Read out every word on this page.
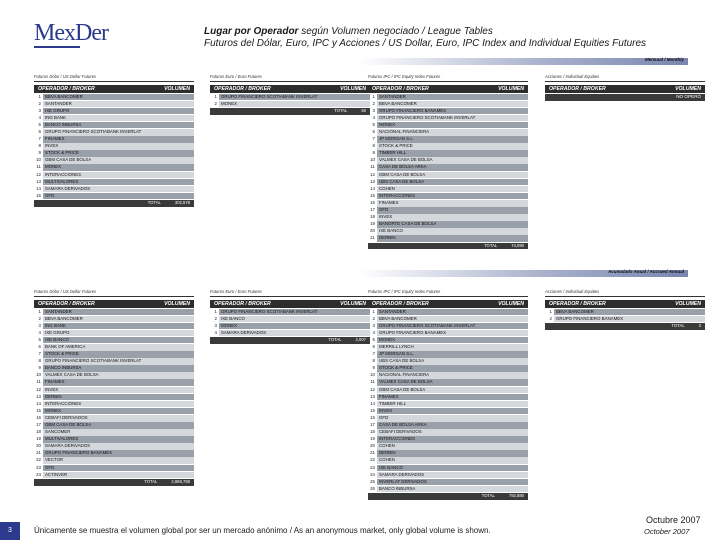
MexDer	Lugar por Operador según Volumen negociado / League Tables
Futuros del Dólar, Euro, IPC y Acciones / US Dollar, Euro, IPC Index and Individual Equities Futures
Mensual / Monthly
Futuros Dólar / US Dollar Futures
OPERADOR / BROKER	VOLUMEN
1 BBVA BANCOMER
2 SANTANDER
3 IXE GRUPO
4 ING BANK
5 BANCO INBURSA
6 GRUPO FINANCIERO SCOTIABANK INVERLAT
7 FINAMEX
8 INVEX
9 STOCK & PRICE
10 GBM CASA DE BOLSA
11 MONEX
12 INTERACCIONES
13 MULTIVALORES
14 SAMARA DERIVADOS
15 GFD
TOTAL	302,578
Futuros Euro / Euro Futures
OPERADOR / BROKER	VOLUMEN
1 GRUPO FINANCIERO SCOTIABANK INVERLAT
2 MONEX
TOTAL	50
Futuros IPC / IPC Equity Index Futures
OPERADOR / BROKER	VOLUMEN
1 SANTANDER
2 BBVA BANCOMER
3 GRUPO FINANCIERO BANAMEX
4 GRUPO FINANCIERO SCOTIABANK INVERLAT
5 MONEX
6 NACIONAL FINANCIERA
7 JP MORGAN S.L.
8 STOCK & PRICE
9 TIMBER HILL
10 VALMEX CASA DE BOLSA
11 CASA DE BOLSA ARKA
12 GBM CASA DE BOLSA
13 UBS CASA DE BOLSA
14 COHEN
15 INTERACCIONES
16 FINAMEX
17 GFD
18 INVEX
19 BANORTE CASA DE BOLSA
20 IXE BANCO
21 DERBIN
TOTAL	74,090
Acciones / Individual Equities
OPERADOR / BROKER	VOLUMEN
NO OPERÓ
Acumulado Anual / Accrued Annual
Futuros Dólar / US Dollar Futures
OPERADOR / BROKER	VOLUMEN
1 SANTANDER
2 BBVA BANCOMER
3 ING BANK
4 IXE GRUPO
5 IXE BANCO
6 BANK OF AMERICA
7 STOCK & PRICE
8 GRUPO FINANCIERO SCOTIABANK INVERLAT
9 BANCO INBURSA
10 VALMEX CASA DE BOLSA
11 FINAMEX
12 INVEX
13 DERBIN
14 INTERACCIONES
15 MONEX
16 CEBAFI DERIVADOS
17 GBM CASA DE BOLSA
18 SANCOMER
19 MULTIVALORES
20 SAMARA DERIVADOS
21 GRUPO FINANCIERO BANAMEX
22 VECTOR
23 GFD
24 ACTINVER
TOTAL	2,869,768
Futuros Euro / Euro Futures
OPERADOR / BROKER	VOLUMEN
1 GRUPO FINANCIERO SCOTIABANK INVERLAT
2 IXE BANCO
3 MONEX
4 SAMARA DERIVADOS
TOTAL	2,007
Futuros IPC / IPC Equity Index Futures
OPERADOR / BROKER	VOLUMEN
1 SANTANDER
2 BBVA BANCOMER
3 GRUPO FINANCIERO SCOTIABANK INVERLAT
4 GRUPO FINANCIERO BANAMEX
5 MONEX
6 MERRILL LYNCH
7 JP MORGAN S.L.
8 UBS CASA DE BOLSA
9 STOCK & PRICE
10 NACIONAL FINANCIERA
11 VALMEX CASA DE BOLSA
12 GBM CASA DE BOLSA
13 FINAMEX
14 TIMBER HILL
15 INVEX
16 GFD
17 CASA DE BOLSA ARKA
18 CEBAFI DERIVADOS
19 INTERACCIONES
20 COHEN
21 DERBIN
22 COHEN
23 IXE BANCO
24 SAMARA DERIVADOS
25 INVERLAT DERIVADOS
26 BANCO INBURSA
TOTAL	792,880
Acciones / Individual Equities
OPERADOR / BROKER	VOLUMEN
1 BBVA BANCOMER
2 GRUPO FINANCIERO BANAMEX
TOTAL	3
3	Únicamente se muestra el volumen global por ser un mercado anónimo / As an anonymous market, only global volume is shown.
Octubre 2007
October 2007
